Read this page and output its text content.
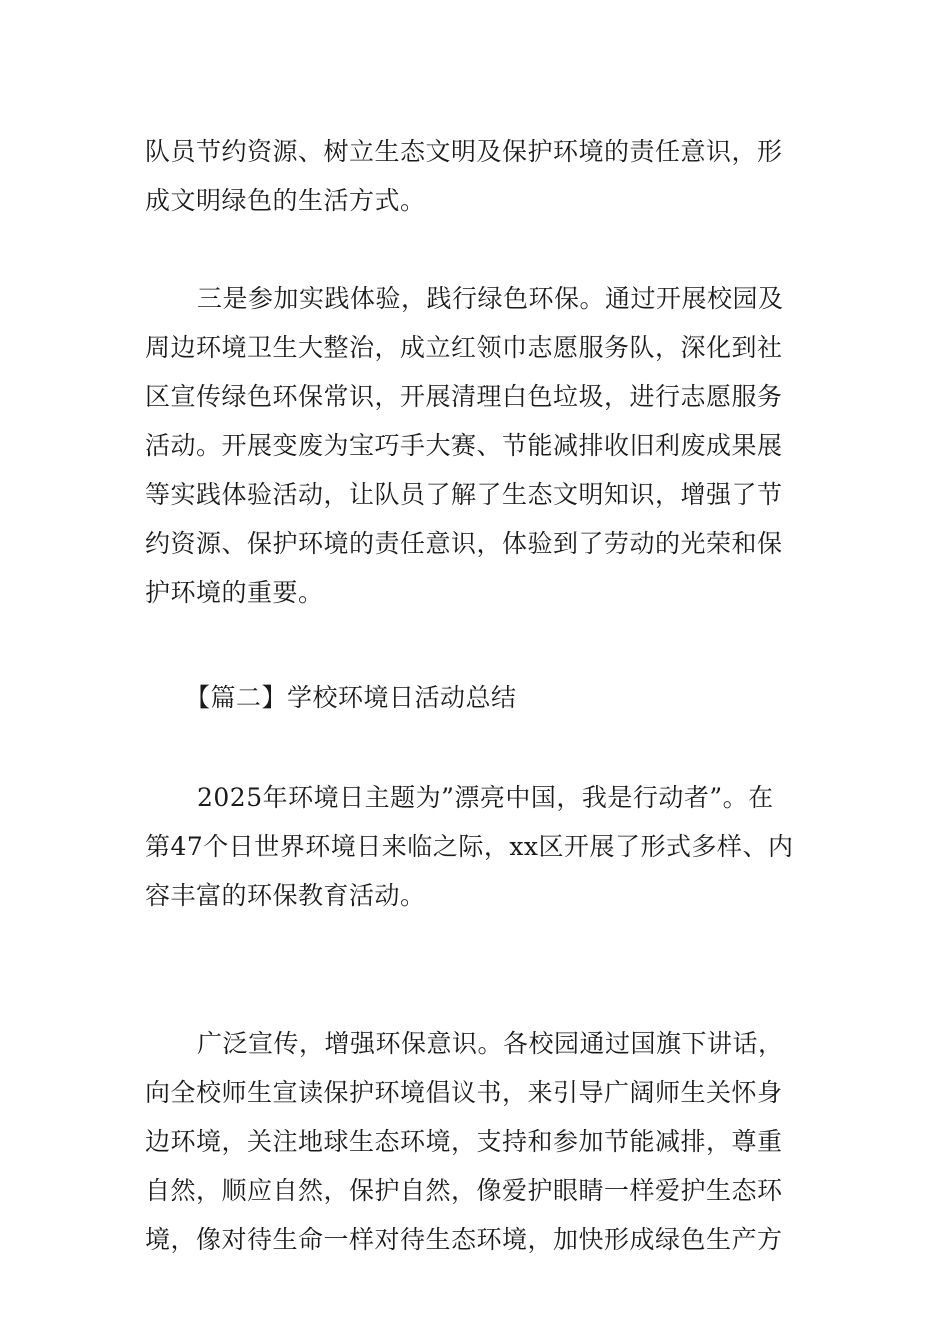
队员节约资源、树立生态文明及保护环境的责任意识，形
成文明绿色的生活方式。
三是参加实践体验，践行绿色环保。通过开展校园及
周边环境卫生大整治，成立红领巾志愿服务队，深化到社
区宣传绿色环保常识，开展清理白色垃圾，进行志愿服务
活动。开展变废为宝巧手大赛、节能减排收旧利废成果展
等实践体验活动，让队员了解了生态文明知识，增强了节
约资源、保护环境的责任意识，体验到了劳动的光荣和保
护环境的重要。
【篇二】学校环境日活动总结
2025年环境日主题为”漂亮中国，我是行动者”。在
第47个日世界环境日来临之际，xx区开展了形式多样、内
容丰富的环保教育活动。
广泛宣传，增强环保意识。各校园通过国旗下讲话，
向全校师生宣读保护环境倡议书，来引导广阔师生关怀身
边环境，关注地球生态环境，支持和参加节能减排，尊重
自然，顺应自然，保护自然，像爱护眼睛一样爱护生态环
境，像对待生命一样对待生态环境，加快形成绿色生产方
